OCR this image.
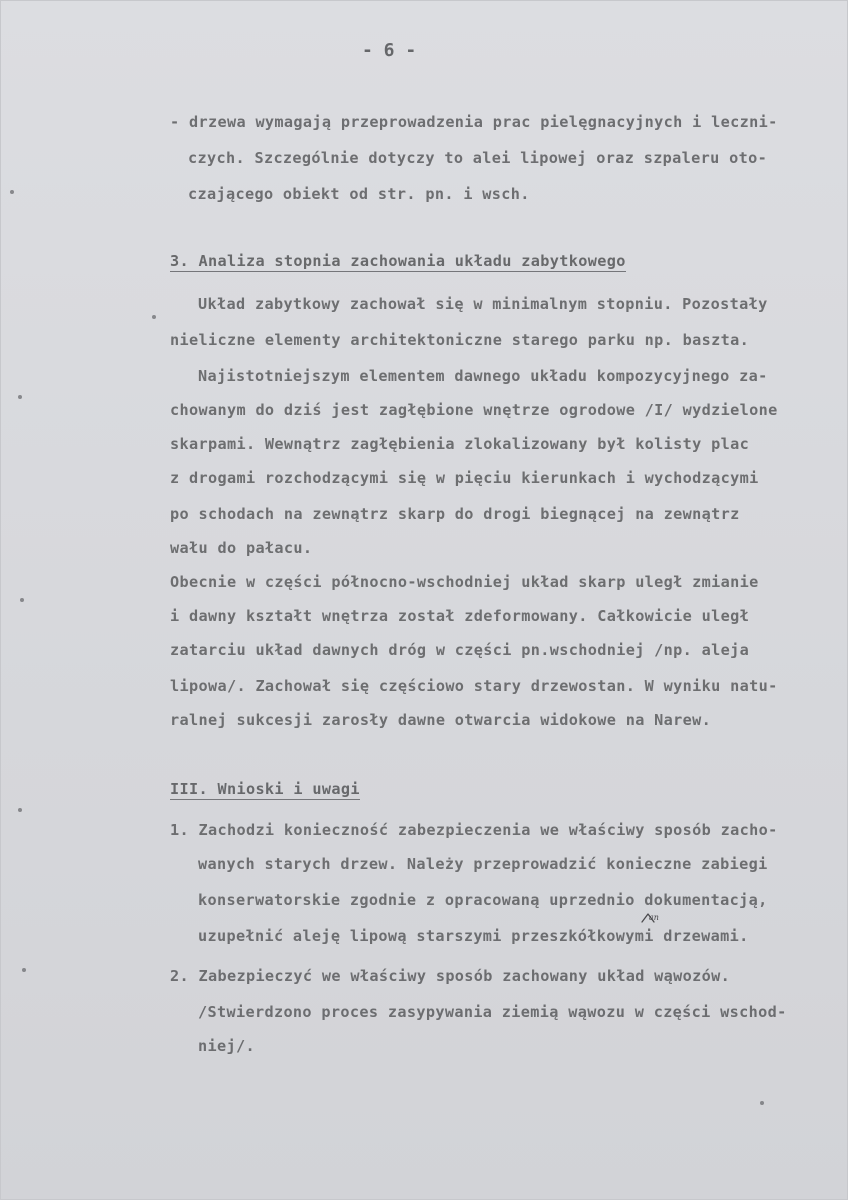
- 6 -
- drzewa wymagają przeprowadzenia prac pielęgnacyjnych i leczni-
czych. Szczególnie dotyczy to alei lipowej oraz szpaleru oto-
czającego obiekt od str. pn. i wsch.
3. Analiza stopnia zachowania układu zabytkowego
Układ zabytkowy zachował się w minimalnym stopniu. Pozostały
nieliczne elementy architektoniczne starego parku np. baszta.
Najistotniejszym elementem dawnego układu kompozycyjnego za-
chowanym do dziś jest zagłębione wnętrze ogrodowe /I/ wydzielone
skarpami. Wewnątrz zagłębienia zlokalizowany był kolisty plac
z drogami rozchodzącymi się w pięciu kierunkach i wychodzącymi
po schodach na zewnątrz skarp do drogi biegnącej na zewnątrz
wału do pałacu.
Obecnie w części północno-wschodniej układ skarp uległ zmianie
i dawny kształt wnętrza został zdeformowany. Całkowicie uległ
zatarciu układ dawnych dróg w części pn.wschodniej /np. aleja
lipowa/. Zachował się częściowo stary drzewostan. W wyniku natu-
ralnej sukcesji zarosły dawne otwarcia widokowe na Narew.
III. Wnioski i uwagi
1. Zachodzi konieczność zabezpieczenia we właściwy sposób zacho-
wanych starych drzew. Należy przeprowadzić konieczne zabiegi
konserwatorskie zgodnie z opracowaną uprzednio dokumentacją,
uzupełnić aleję lipową starszymi przeszkółkowymi drzewami.
an
2. Zabezpieczyć we właściwy sposób zachowany układ wąwozów.
/Stwierdzono proces zasypywania ziemią wąwozu w części wschod-
niej/.
